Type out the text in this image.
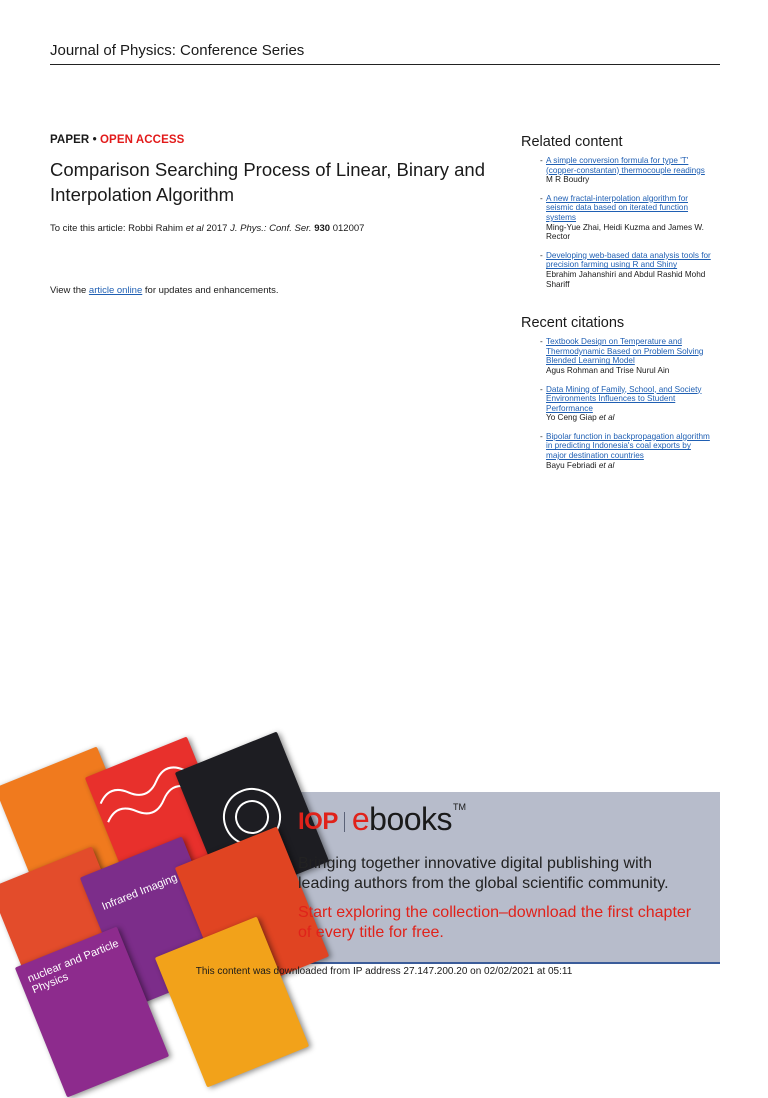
Journal of Physics: Conference Series
PAPER • OPEN ACCESS
Comparison Searching Process of Linear, Binary and Interpolation Algorithm
To cite this article: Robbi Rahim et al 2017 J. Phys.: Conf. Ser. 930 012007
View the article online for updates and enhancements.
Related content
- A simple conversion formula for type 'T' (copper-constantan) thermocouple readings
M R Boudry
- A new fractal-interpolation algorithm for seismic data based on iterated function systems
Ming-Yue Zhai, Heidi Kuzma and James W. Rector
- Developing web-based data analysis tools for precision farming using R and Shiny
Ebrahim Jahanshiri and Abdul Rashid Mohd Shariff
Recent citations
- Textbook Design on Temperature and Thermodynamic Based on Problem Solving Blended Learning Model
Agus Rohman and Trise Nurul Ain
- Data Mining of Family, School, and Society Environments Influences to Student Performance
Yo Ceng Giap et al
- Bipolar function in backpropagation algorithm in predicting Indonesia's coal exports by major destination countries
Bayu Febriadi et al
Infrared Imaging
nuclear and Particle Physics
IOP ebooks TM
Bringing together innovative digital publishing with leading authors from the global scientific community.
Start exploring the collection–download the first chapter of every title for free.
This content was downloaded from IP address 27.147.200.20 on 02/02/2021 at 05:11
